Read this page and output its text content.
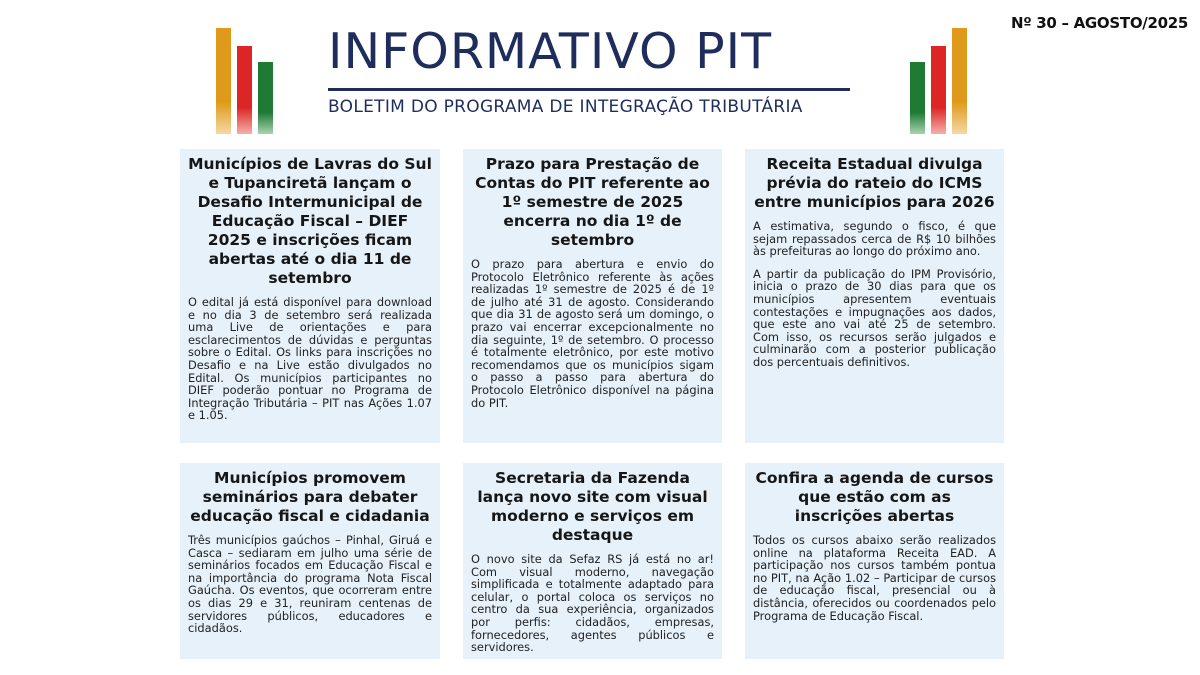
Nº 30 – AGOSTO/2025
INFORMATIVO PIT
BOLETIM DO PROGRAMA DE INTEGRAÇÃO TRIBUTÁRIA
Municípios de Lavras do Sul e Tupanciretã lançam o Desafio Intermunicipal de Educação Fiscal – DIEF 2025 e inscrições ficam abertas até o dia 11 de setembro

O edital já está disponível para download e no dia 3 de setembro será realizada uma Live de orientações e para esclarecimentos de dúvidas e perguntas sobre o Edital. Os links para inscrições no Desafio e na Live estão divulgados no Edital. Os municípios participantes no DIEF poderão pontuar no Programa de Integração Tributária – PIT nas Ações 1.07 e 1.05.

Prazo para Prestação de Contas do PIT referente ao 1º semestre de 2025 encerra no dia 1º de setembro

O prazo para abertura e envio do Protocolo Eletrônico referente às ações realizadas 1º semestre de 2025 é de 1º de julho até 31 de agosto. Considerando que dia 31 de agosto será um domingo, o prazo vai encerrar excepcionalmente no dia seguinte, 1º de setembro. O processo é totalmente eletrônico, por este motivo recomendamos que os municípios sigam o passo a passo para abertura do Protocolo Eletrônico disponível na página do PIT.

Receita Estadual divulga prévia do rateio do ICMS entre municípios para 2026

A estimativa, segundo o fisco, é que sejam repassados cerca de R$ 10 bilhões às prefeituras ao longo do próximo ano.

A partir da publicação do IPM Provisório, inicia o prazo de 30 dias para que os municípios apresentem eventuais contestações e impugnações aos dados, que este ano vai até 25 de setembro. Com isso, os recursos serão julgados e culminarão com a posterior publicação dos percentuais definitivos.

Municípios promovem seminários para debater educação fiscal e cidadania

Três municípios gaúchos – Pinhal, Giruá e Casca – sediaram em julho uma série de seminários focados em Educação Fiscal e na importância do programa Nota Fiscal Gaúcha. Os eventos, que ocorreram entre os dias 29 e 31, reuniram centenas de servidores públicos, educadores e cidadãos.

Secretaria da Fazenda lança novo site com visual moderno e serviços em destaque

O novo site da Sefaz RS já está no ar! Com visual moderno, navegação simplificada e totalmente adaptado para celular, o portal coloca os serviços no centro da sua experiência, organizados por perfis: cidadãos, empresas, fornecedores, agentes públicos e servidores.

Confira a agenda de cursos que estão com as inscrições abertas

Todos os cursos abaixo serão realizados online na plataforma Receita EAD. A participação nos cursos também pontua no PIT, na Ação 1.02 – Participar de cursos de educação fiscal, presencial ou à distância, oferecidos ou coordenados pelo Programa de Educação Fiscal.
